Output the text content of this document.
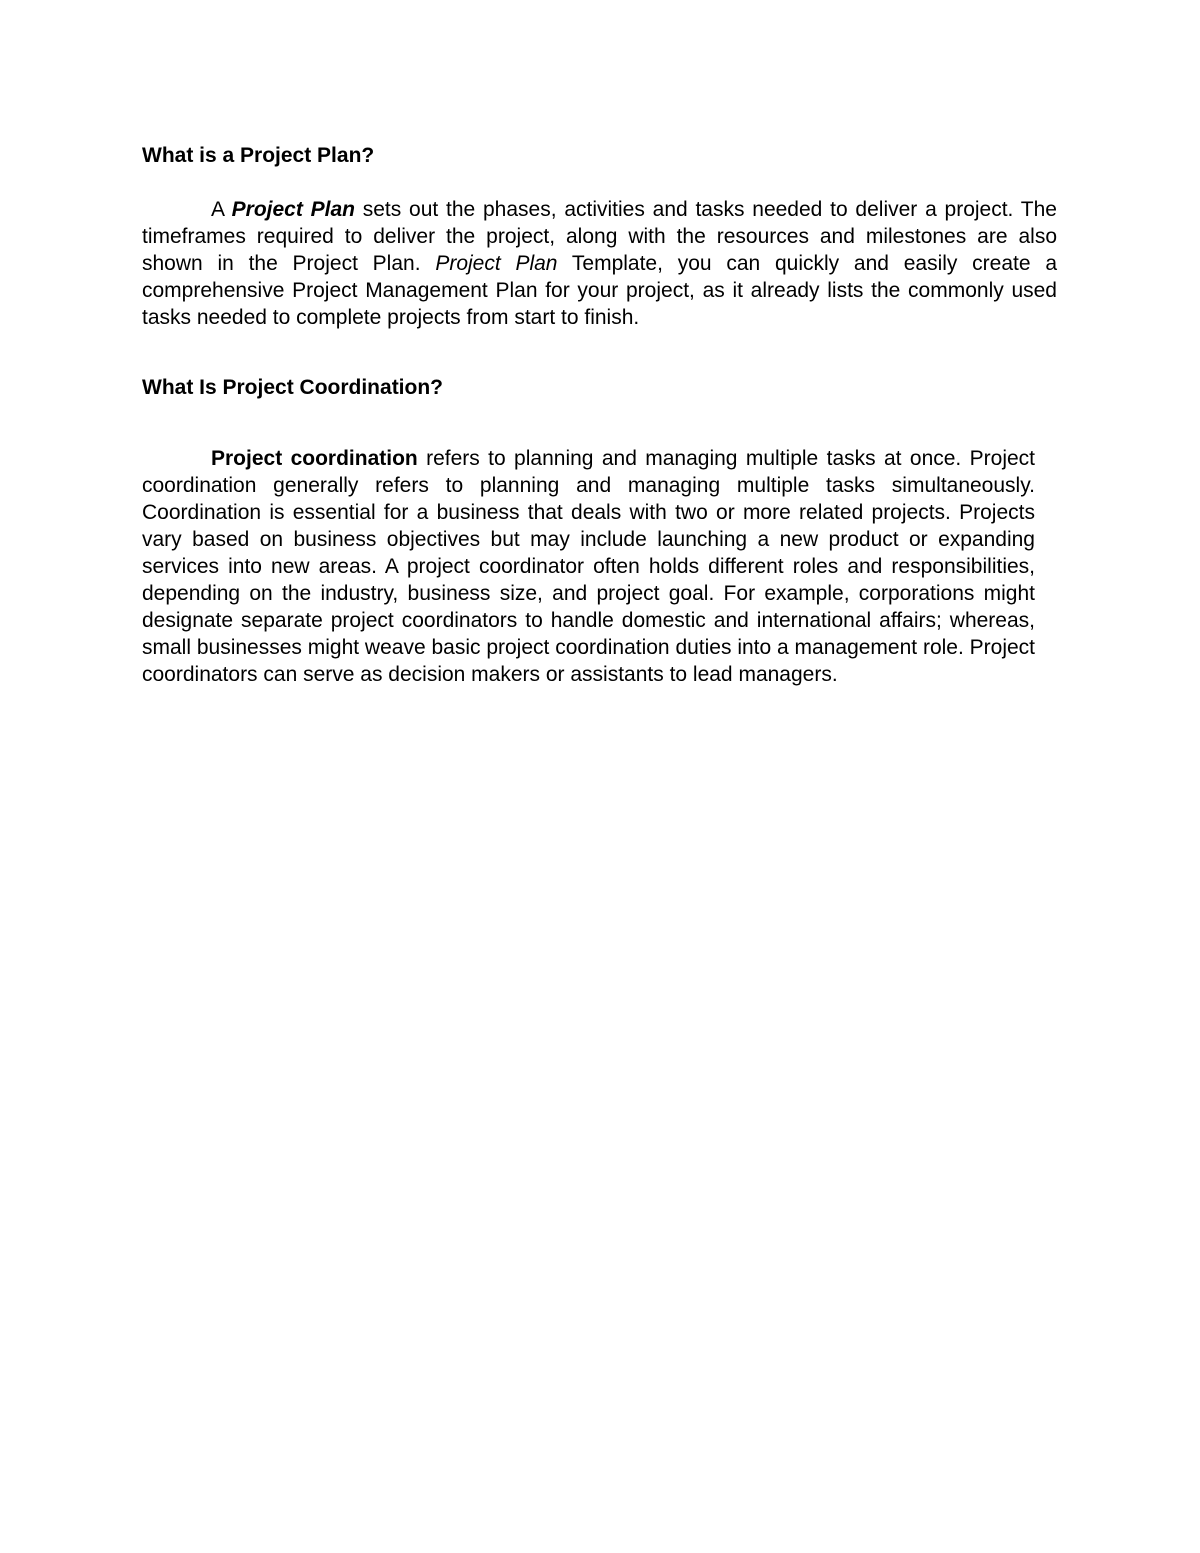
What is a Project Plan?

A Project Plan sets out the phases, activities and tasks needed to deliver a project. The timeframes required to deliver the project, along with the resources and milestones are also shown in the Project Plan. Project Plan Template, you can quickly and easily create a comprehensive Project Management Plan for your project, as it already lists the commonly used tasks needed to complete projects from start to finish.

What Is Project Coordination?

Project coordination refers to planning and managing multiple tasks at once. Project coordination generally refers to planning and managing multiple tasks simultaneously. Coordination is essential for a business that deals with two or more related projects. Projects vary based on business objectives but may include launching a new product or expanding services into new areas. A project coordinator often holds different roles and responsibilities, depending on the industry, business size, and project goal. For example, corporations might designate separate project coordinators to handle domestic and international affairs; whereas, small businesses might weave basic project coordination duties into a management role. Project coordinators can serve as decision makers or assistants to lead managers.
